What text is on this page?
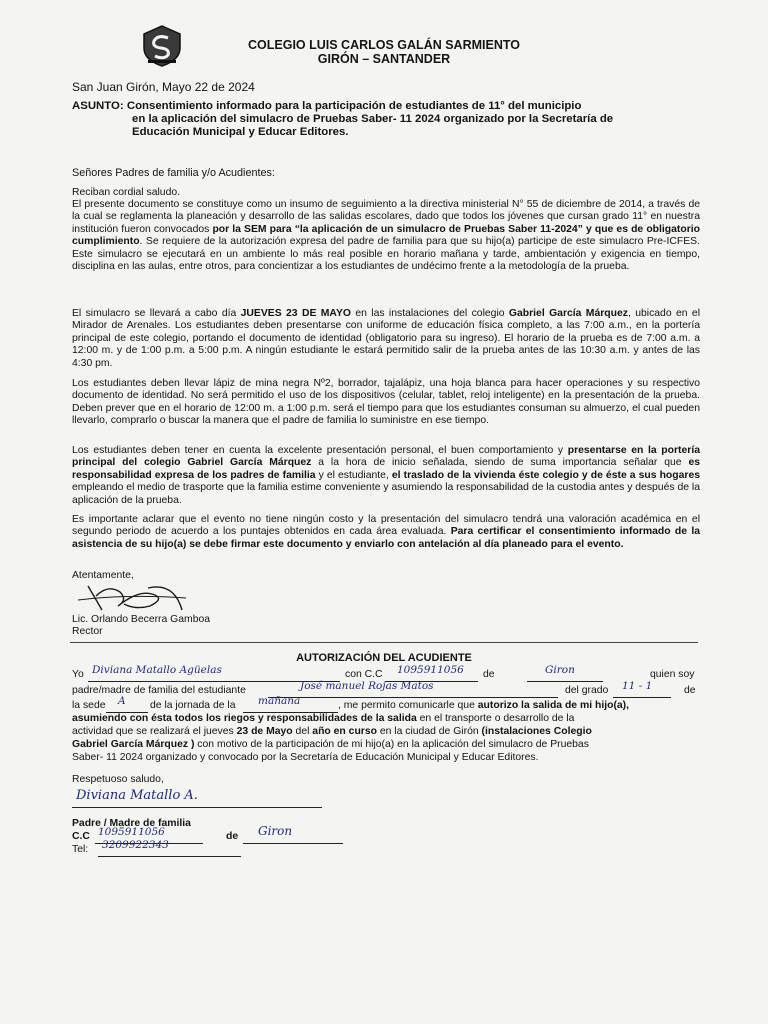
COLEGIO LUIS CARLOS GALÁN SARMIENTO
GIRÓN – SANTANDER
San Juan Girón, Mayo 22 de 2024
ASUNTO: Consentimiento informado para la participación de estudiantes de 11° del municipio
en la aplicación del simulacro de Pruebas Saber- 11 2024 organizado por la Secretaría de
Educación Municipal y Educar Editores.
Señores Padres de familia y/o Acudientes:
Reciban cordial saludo.
El presente documento se constituye como un insumo de seguimiento a la directiva ministerial N° 55 de diciembre de 2014, a través de la cual se reglamenta la planeación y desarrollo de las salidas escolares, dado que todos los jóvenes que cursan grado 11° en nuestra institución fueron convocados por la SEM para “la aplicación de un simulacro de Pruebas Saber 11-2024” y que es de obligatorio cumplimiento. Se requiere de la autorización expresa del padre de familia para que su hijo(a) participe de este simulacro Pre-ICFES. Este simulacro se ejecutará en un ambiente lo más real posible en horario mañana y tarde, ambientación y exigencia en tiempo, disciplina en las aulas, entre otros, para concientizar a los estudiantes de undécimo frente a la metodología de la prueba.
El simulacro se llevará a cabo día JUEVES 23 DE MAYO en las instalaciones del colegio Gabriel García Márquez, ubicado en el Mirador de Arenales. Los estudiantes deben presentarse con uniforme de educación física completo, a las 7:00 a.m., en la portería principal de este colegio, portando el documento de identidad (obligatorio para su ingreso). El horario de la prueba es de 7:00 a.m. a 12:00 m. y de 1:00 p.m. a 5:00 p.m. A ningún estudiante le estará permitido salir de la prueba antes de las 10:30 a.m. y antes de las 4:30 pm.
Los estudiantes deben llevar lápiz de mina negra Nº2, borrador, tajalápiz, una hoja blanca para hacer operaciones y su respectivo documento de identidad. No será permitido el uso de los dispositivos (celular, tablet, reloj inteligente) en la presentación de la prueba. Deben prever que en el horario de 12:00 m. a 1:00 p.m. será el tiempo para que los estudiantes consuman su almuerzo, el cual pueden llevarlo, comprarlo o buscar la manera que el padre de familia lo suministre en ese tiempo.
Los estudiantes deben tener en cuenta la excelente presentación personal, el buen comportamiento y presentarse en la portería principal del colegio Gabriel García Márquez a la hora de inicio señalada, siendo de suma importancia señalar que es responsabilidad expresa de los padres de familia y el estudiante, el traslado de la vivienda éste colegio y de éste a sus hogares empleando el medio de trasporte que la familia estime conveniente y asumiendo la responsabilidad de la custodia antes y después de la aplicación de la prueba.
Es importante aclarar que el evento no tiene ningún costo y la presentación del simulacro tendrá una valoración académica en el segundo periodo de acuerdo a los puntajes obtenidos en cada área evaluada. Para certificar el consentimiento informado de la asistencia de su hijo(a) se debe firmar este documento y enviarlo con antelación al día planeado para el evento.
Atentamente,
Lic. Orlando Becerra Gamboa
Rector
AUTORIZACIÓN DEL ACUDIENTE
Yo Diviana Matallo Agüelas	con C.C 1095911056 de	Giron	quien soy
padre/madre de familia del estudiante	José manuel Rojas Matos	del grado 11 - 1	de
la sede A de la jornada de la mañana	, me permito comunicarle que autorizo la salida de mi hijo(a),
asumiendo con ésta todos los riegos y responsabilidades de la salida en el transporte o desarrollo de la
actividad que se realizará el jueves 23 de Mayo del año en curso en la ciudad de Girón (instalaciones Colegio
Gabriel García Márquez ) con motivo de la participación de mi hijo(a) en la aplicación del simulacro de Pruebas
Saber- 11 2024 organizado y convocado por la Secretaría de Educación Municipal y Educar Editores.
Respetuoso saludo,
Diviana Matallo A.
Padre / Madre de familia
C.C 1095911056	de Giron
Tel: 3209922343
